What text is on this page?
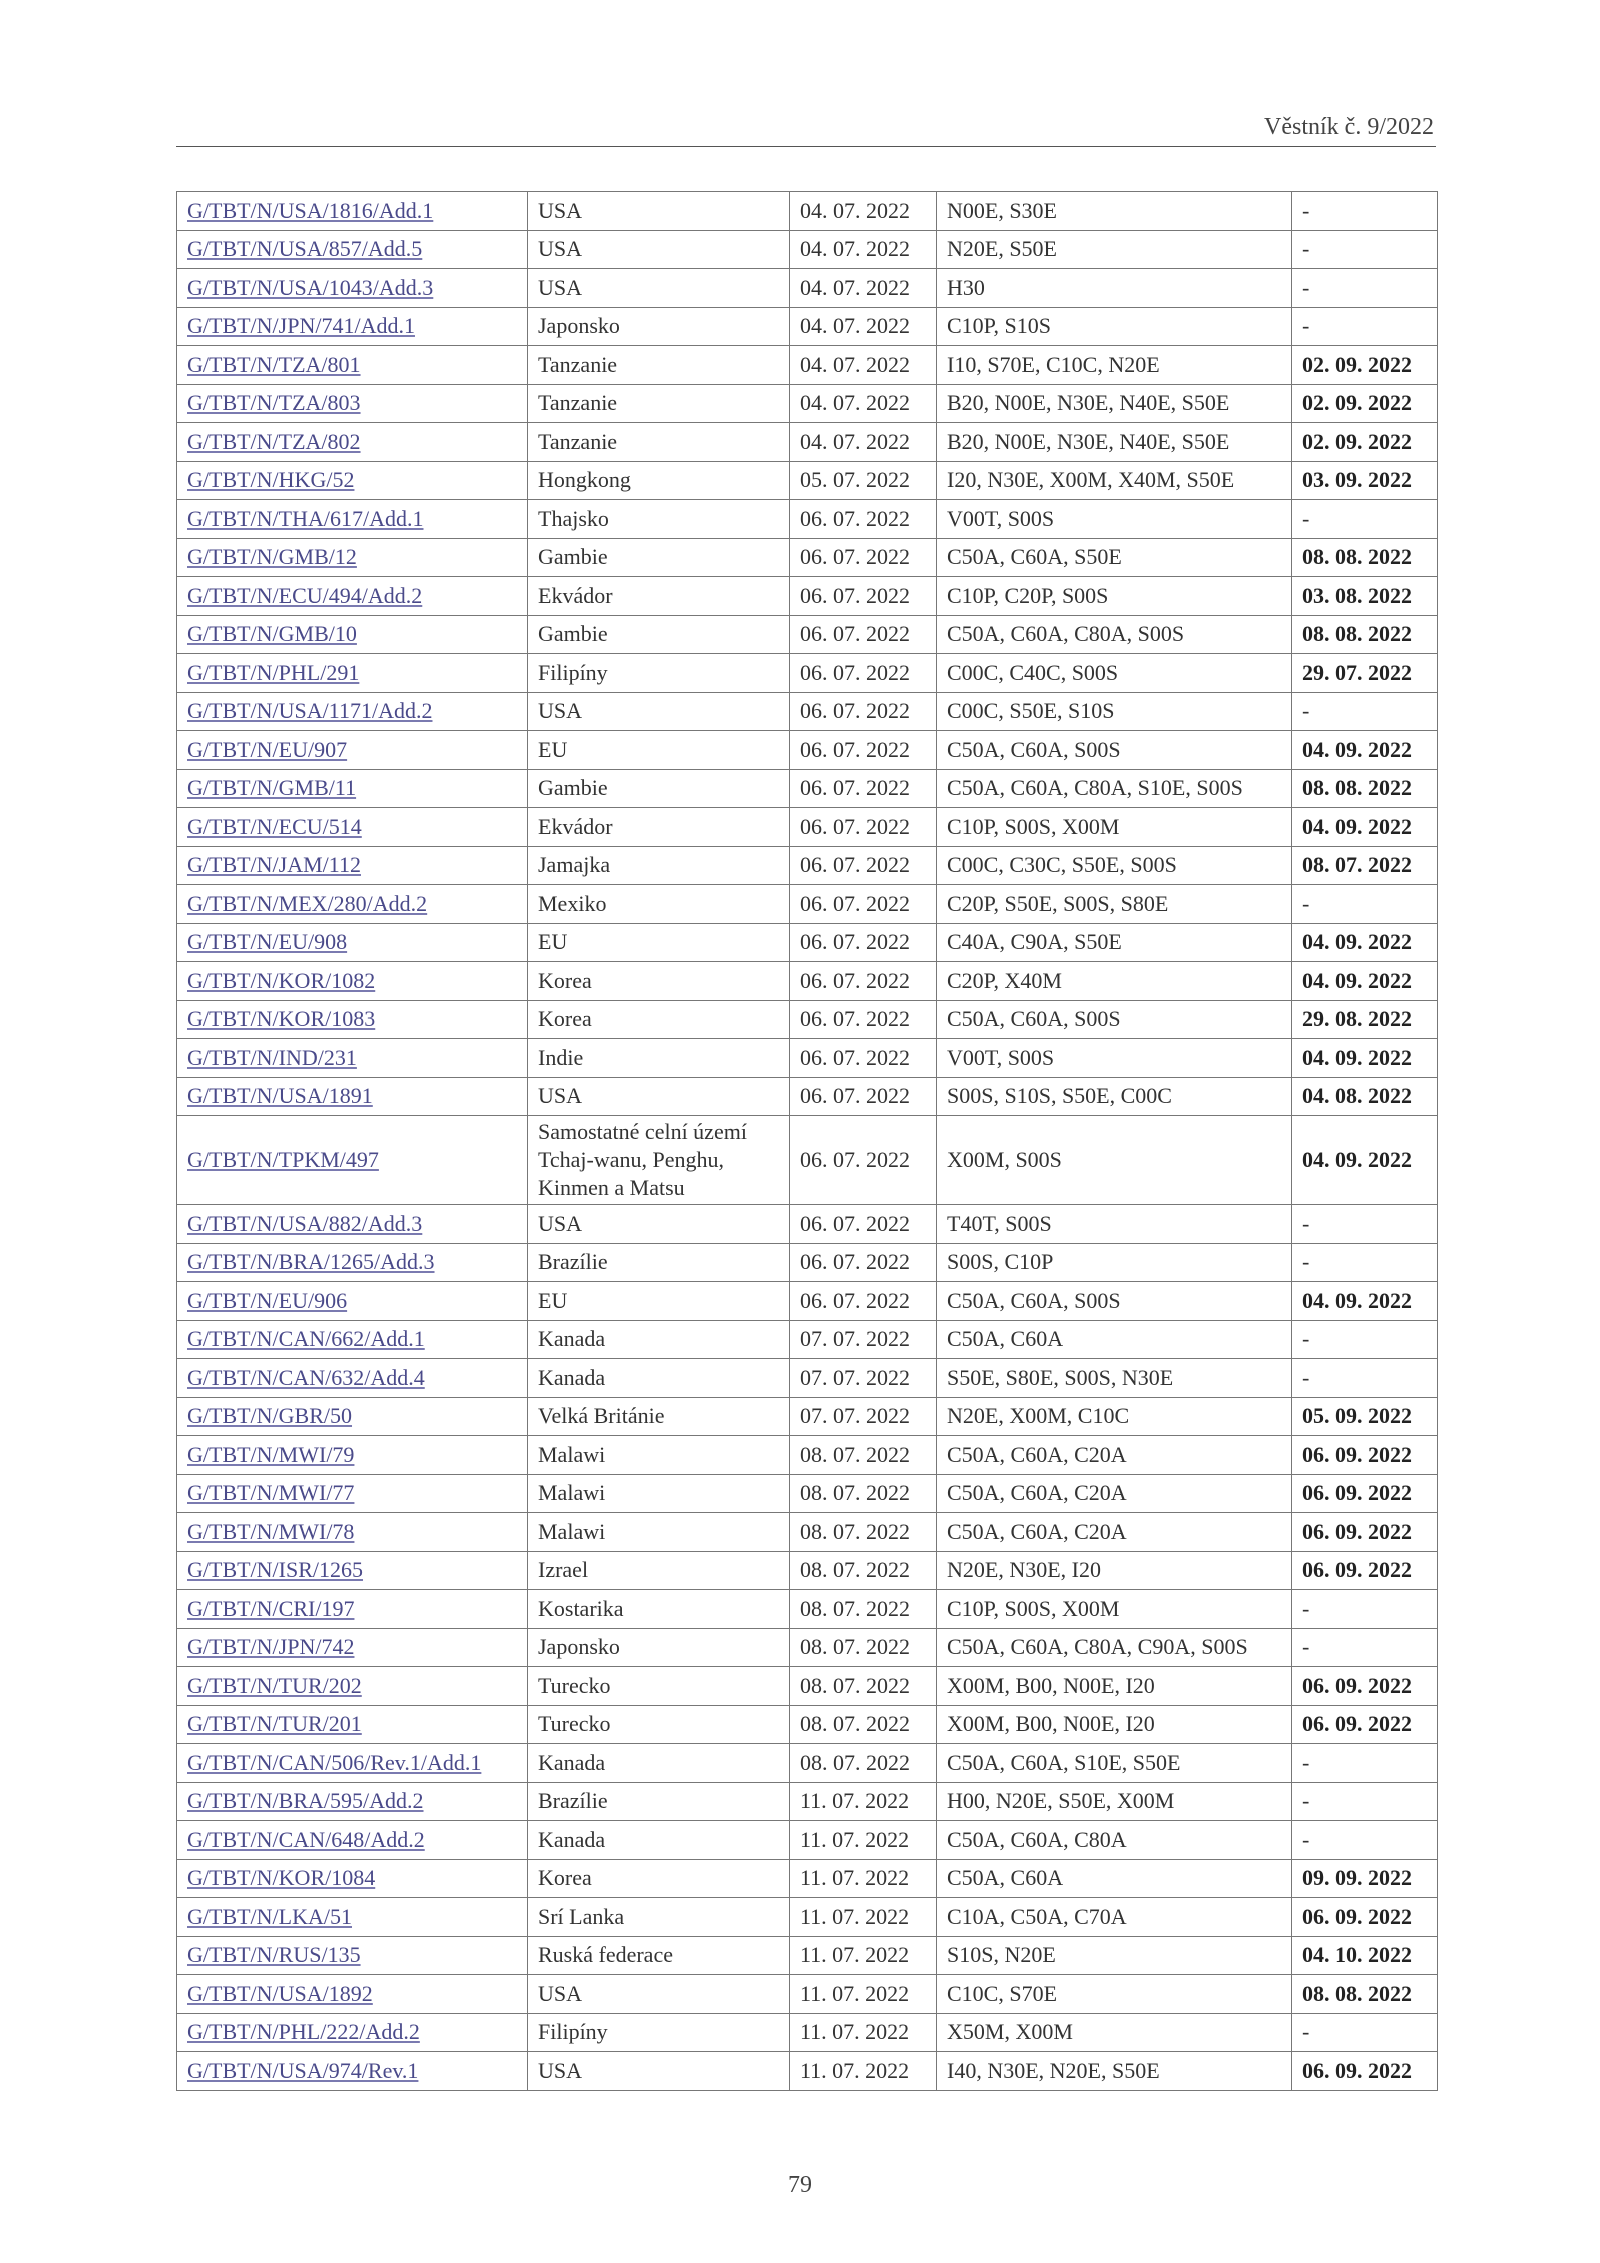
Věstník č. 9/2022
G/TBT/N/USA/1816/Add.1	USA	04. 07. 2022	N00E, S30E	-
G/TBT/N/USA/857/Add.5	USA	04. 07. 2022	N20E, S50E	-
G/TBT/N/USA/1043/Add.3	USA	04. 07. 2022	H30	-
G/TBT/N/JPN/741/Add.1	Japonsko	04. 07. 2022	C10P, S10S	-
G/TBT/N/TZA/801	Tanzanie	04. 07. 2022	I10, S70E, C10C, N20E	02. 09. 2022
G/TBT/N/TZA/803	Tanzanie	04. 07. 2022	B20, N00E, N30E, N40E, S50E	02. 09. 2022
G/TBT/N/TZA/802	Tanzanie	04. 07. 2022	B20, N00E, N30E, N40E, S50E	02. 09. 2022
G/TBT/N/HKG/52	Hongkong	05. 07. 2022	I20, N30E, X00M, X40M, S50E	03. 09. 2022
G/TBT/N/THA/617/Add.1	Thajsko	06. 07. 2022	V00T, S00S	-
G/TBT/N/GMB/12	Gambie	06. 07. 2022	C50A, C60A, S50E	08. 08. 2022
G/TBT/N/ECU/494/Add.2	Ekvádor	06. 07. 2022	C10P, C20P, S00S	03. 08. 2022
G/TBT/N/GMB/10	Gambie	06. 07. 2022	C50A, C60A, C80A, S00S	08. 08. 2022
G/TBT/N/PHL/291	Filipíny	06. 07. 2022	C00C, C40C, S00S	29. 07. 2022
G/TBT/N/USA/1171/Add.2	USA	06. 07. 2022	C00C, S50E, S10S	-
G/TBT/N/EU/907	EU	06. 07. 2022	C50A, C60A, S00S	04. 09. 2022
G/TBT/N/GMB/11	Gambie	06. 07. 2022	C50A, C60A, C80A, S10E, S00S	08. 08. 2022
G/TBT/N/ECU/514	Ekvádor	06. 07. 2022	C10P, S00S, X00M	04. 09. 2022
G/TBT/N/JAM/112	Jamajka	06. 07. 2022	C00C, C30C, S50E, S00S	08. 07. 2022
G/TBT/N/MEX/280/Add.2	Mexiko	06. 07. 2022	C20P, S50E, S00S, S80E	-
G/TBT/N/EU/908	EU	06. 07. 2022	C40A, C90A, S50E	04. 09. 2022
G/TBT/N/KOR/1082	Korea	06. 07. 2022	C20P, X40M	04. 09. 2022
G/TBT/N/KOR/1083	Korea	06. 07. 2022	C50A, C60A, S00S	29. 08. 2022
G/TBT/N/IND/231	Indie	06. 07. 2022	V00T, S00S	04. 09. 2022
G/TBT/N/USA/1891	USA	06. 07. 2022	S00S, S10S, S50E, C00C	04. 08. 2022
G/TBT/N/TPKM/497	Samostatné celní území Tchaj-wanu, Penghu, Kinmen a Matsu	06. 07. 2022	X00M, S00S	04. 09. 2022
G/TBT/N/USA/882/Add.3	USA	06. 07. 2022	T40T, S00S	-
G/TBT/N/BRA/1265/Add.3	Brazílie	06. 07. 2022	S00S, C10P	-
G/TBT/N/EU/906	EU	06. 07. 2022	C50A, C60A, S00S	04. 09. 2022
G/TBT/N/CAN/662/Add.1	Kanada	07. 07. 2022	C50A, C60A	-
G/TBT/N/CAN/632/Add.4	Kanada	07. 07. 2022	S50E, S80E, S00S, N30E	-
G/TBT/N/GBR/50	Velká Británie	07. 07. 2022	N20E, X00M, C10C	05. 09. 2022
G/TBT/N/MWI/79	Malawi	08. 07. 2022	C50A, C60A, C20A	06. 09. 2022
G/TBT/N/MWI/77	Malawi	08. 07. 2022	C50A, C60A, C20A	06. 09. 2022
G/TBT/N/MWI/78	Malawi	08. 07. 2022	C50A, C60A, C20A	06. 09. 2022
G/TBT/N/ISR/1265	Izrael	08. 07. 2022	N20E, N30E, I20	06. 09. 2022
G/TBT/N/CRI/197	Kostarika	08. 07. 2022	C10P, S00S, X00M	-
G/TBT/N/JPN/742	Japonsko	08. 07. 2022	C50A, C60A, C80A, C90A, S00S	-
G/TBT/N/TUR/202	Turecko	08. 07. 2022	X00M, B00, N00E, I20	06. 09. 2022
G/TBT/N/TUR/201	Turecko	08. 07. 2022	X00M, B00, N00E, I20	06. 09. 2022
G/TBT/N/CAN/506/Rev.1/Add.1	Kanada	08. 07. 2022	C50A, C60A, S10E, S50E	-
G/TBT/N/BRA/595/Add.2	Brazílie	11. 07. 2022	H00, N20E, S50E, X00M	-
G/TBT/N/CAN/648/Add.2	Kanada	11. 07. 2022	C50A, C60A, C80A	-
G/TBT/N/KOR/1084	Korea	11. 07. 2022	C50A, C60A	09. 09. 2022
G/TBT/N/LKA/51	Srí Lanka	11. 07. 2022	C10A, C50A, C70A	06. 09. 2022
G/TBT/N/RUS/135	Ruská federace	11. 07. 2022	S10S, N20E	04. 10. 2022
G/TBT/N/USA/1892	USA	11. 07. 2022	C10C, S70E	08. 08. 2022
G/TBT/N/PHL/222/Add.2	Filipíny	11. 07. 2022	X50M, X00M	-
G/TBT/N/USA/974/Rev.1	USA	11. 07. 2022	I40, N30E, N20E, S50E	06. 09. 2022
79
